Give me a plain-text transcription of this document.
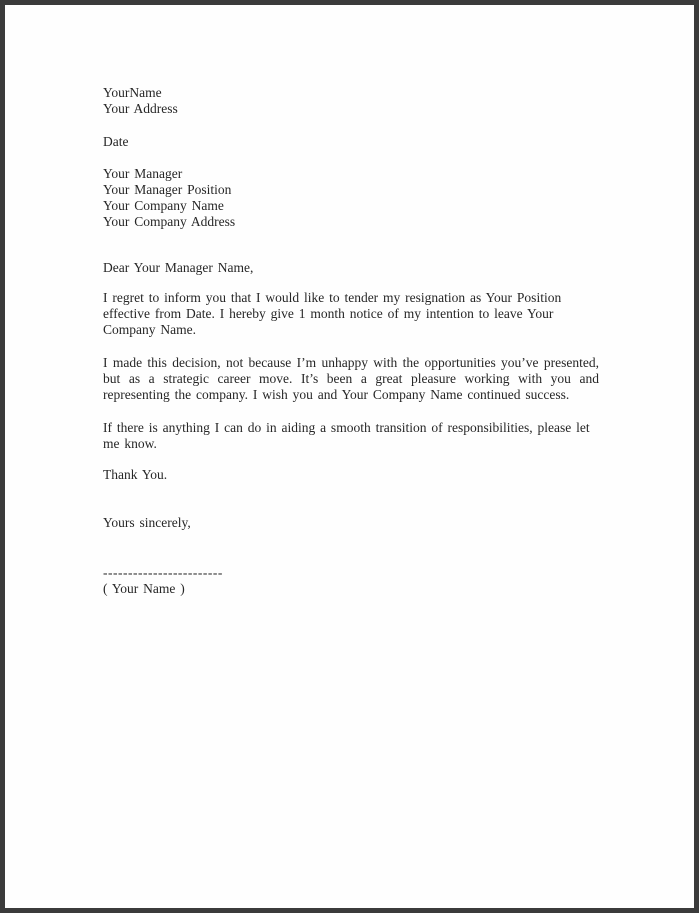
YourName
Your Address
Date
Your Manager
Your Manager Position
Your Company Name
Your Company Address
Dear Your Manager Name,

I regret to inform you that I would like to tender my resignation as Your Position effective from Date. I hereby give 1 month notice of my intention to leave Your Company Name.

I made this decision, not because I’m unhappy with the opportunities you’ve presented, but as a strategic career move. It’s been a great pleasure working with you and representing the company. I wish you and Your Company Name continued success.

If there is anything I can do in aiding a smooth transition of responsibilities, please let me know.

Thank You.
Yours sincerely,
------------------------
( Your Name )
